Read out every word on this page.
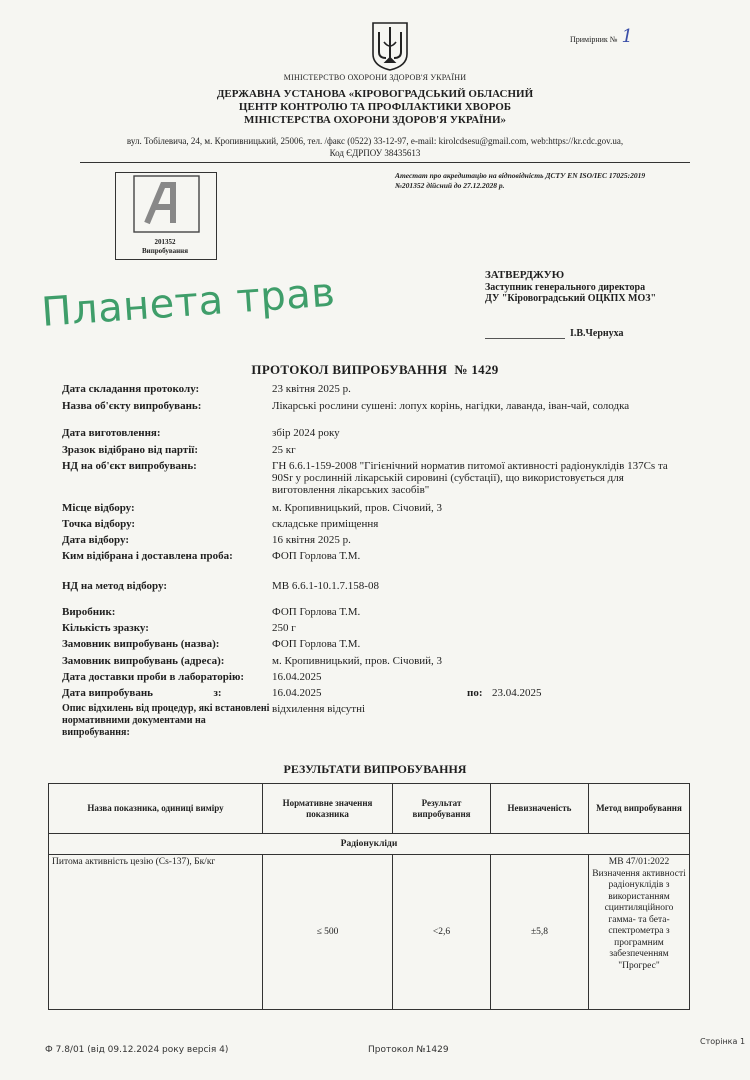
Примірник № 1
МІНІСТЕРСТВО ОХОРОНИ ЗДОРОВ'Я УКРАЇНИ
ДЕРЖАВНА УСТАНОВА «КІРОВОГРАДСЬКИЙ ОБЛАСНИЙ
ЦЕНТР КОНТРОЛЮ ТА ПРОФІЛАКТИКИ ХВОРОБ
МІНІСТЕРСТВА ОХОРОНИ ЗДОРОВ'Я УКРАЇНИ»
вул. Тобілевича, 24, м. Кропивницький, 25006, тел. /факс (0522) 33-12-97, e-mail: kirolcdsesu@gmail.com, web:https://kr.cdc.gov.ua,
Код ЄДРПОУ 38435613
201352
Випробування
Атестат про акредитацію на відповідність ДСТУ EN ISO/IEC 17025:2019
№201352 дійсний до 27.12.2028 р.
ЗАТВЕРДЖУЮ
Заступник генерального директора
ДУ "Кіровоградський ОЦКПХ МОЗ"
І.В.Чернуха
Планета трав
ПРОТОКОЛ ВИПРОБУВАННЯ № 1429
Дата складання протоколу:	23 квітня 2025 р.
Назва об'єкту випробувань:	Лікарські рослини сушені: лопух корінь, нагідки, лаванда, іван-чай, солодка
Дата виготовлення:	збір 2024 року
Зразок відібрано від партії:	25 кг
НД на об'єкт випробувань:	ГН 6.6.1-159-2008 "Гігієнічний норматив питомої активності радіонуклідів 137Cs та 90Sr у рослинній лікарській сировині (субстації), що використовується для виготовлення лікарських засобів"
Місце відбору:	м. Кропивницький, пров. Січовий, 3
Точка відбору:	складське приміщення
Дата відбору:	16 квітня 2025 р.
Ким відібрана і доставлена проба:	ФОП Горлова Т.М.
НД на метод відбору:	МВ 6.6.1-10.1.7.158-08
Виробник:	ФОП Горлова Т.М.
Кількість зразку:	250 г
Замовник випробувань (назва):	ФОП Горлова Т.М.
Замовник випробувань (адреса):	м. Кропивницький, пров. Січовий, 3
Дата доставки проби в лабораторію:	16.04.2025
Дата випробувань                      з:	16.04.2025	по: 23.04.2025
Опис відхилень від процедур, які встановлені нормативними документами на випробування:
відхилення відсутні
РЕЗУЛЬТАТИ ВИПРОБУВАННЯ
Назва показника, одиниці виміру	Нормативне значення показника	Результат випробування	Невизначеність	Метод випробування
Радіонукліди				
Питома активність цезію (Cs-137), Бк/кг	≤ 500	<2,6	±5,8	МВ 47/01:2022 Визначення активності радіонуклідів з використанням сцинтиляційного гамма- та бета-спектрометра з програмним забезпеченням "Прогрес"
Ф 7.8/01 (від 09.12.2024 року версія 4)	Протокол №1429
Сторінка 1
